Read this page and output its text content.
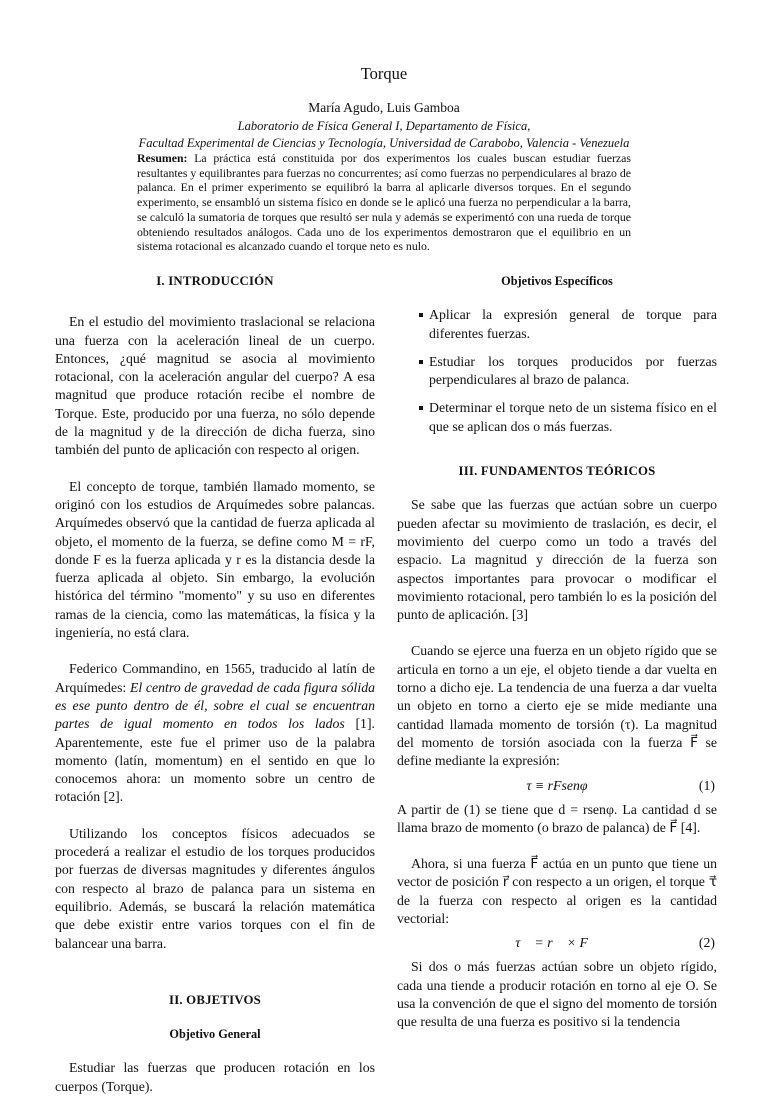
Torque
María Agudo, Luis Gamboa
Laboratorio de Física General I, Departamento de Física,
Facultad Experimental de Ciencias y Tecnología, Universidad de Carabobo, Valencia - Venezuela
Resumen: La práctica está constituida por dos experimentos los cuales buscan estudiar fuerzas resultantes y equilibrantes para fuerzas no concurrentes; así como fuerzas no perpendiculares al brazo de palanca. En el primer experimento se equilibró la barra al aplicarle diversos torques. En el segundo experimento, se ensambló un sistema físico en donde se le aplicó una fuerza no perpendicular a la barra, se calculó la sumatoria de torques que resultó ser nula y además se experimentó con una rueda de torque obteniendo resultados análogos. Cada uno de los experimentos demostraron que el equilibrio en un sistema rotacional es alcanzado cuando el torque neto es nulo.
I. INTRODUCCIÓN

En el estudio del movimiento traslacional se relaciona una fuerza con la aceleración lineal de un cuerpo. Entonces, ¿qué magnitud se asocia al movimiento rotacional, con la aceleración angular del cuerpo? A esa magnitud que produce rotación recibe el nombre de Torque. Este, producido por una fuerza, no sólo depende de la magnitud y de la dirección de dicha fuerza, sino también del punto de aplicación con respecto al origen.

El concepto de torque, también llamado momento, se originó con los estudios de Arquímedes sobre palancas. Arquímedes observó que la cantidad de fuerza aplicada al objeto, el momento de la fuerza, se define como M = rF, donde F es la fuerza aplicada y r es la distancia desde la fuerza aplicada al objeto. Sin embargo, la evolución histórica del término "momento" y su uso en diferentes ramas de la ciencia, como las matemáticas, la física y la ingeniería, no está clara.

Federico Commandino, en 1565, traducido al latín de Arquímedes: El centro de gravedad de cada figura sólida es ese punto dentro de él, sobre el cual se encuentran partes de igual momento en todos los lados [1]. Aparentemente, este fue el primer uso de la palabra momento (latín, momentum) en el sentido en que lo conocemos ahora: un momento sobre un centro de rotación [2].

Utilizando los conceptos físicos adecuados se procederá a realizar el estudio de los torques producidos por fuerzas de diversas magnitudes y diferentes ángulos con respecto al brazo de palanca para un sistema en equilibrio. Además, se buscará la relación matemática que debe existir entre varios torques con el fin de balancear una barra.

II. OBJETIVOS
Objetivo General

Estudiar las fuerzas que producen rotación en los cuerpos (Torque).

Objetivos Específicos
Aplicar la expresión general de torque para diferentes fuerzas.
Estudiar los torques producidos por fuerzas perpendiculares al brazo de palanca.
Determinar el torque neto de un sistema físico en el que se aplican dos o más fuerzas.
III. FUNDAMENTOS TEÓRICOS

Se sabe que las fuerzas que actúan sobre un cuerpo pueden afectar su movimiento de traslación, es decir, el movimiento del cuerpo como un todo a través del espacio. La magnitud y dirección de la fuerza son aspectos importantes para provocar o modificar el movimiento rotacional, pero también lo es la posición del punto de aplicación. [3]

Cuando se ejerce una fuerza en un objeto rígido que se articula en torno a un eje, el objeto tiende a dar vuelta en torno a dicho eje. La tendencia de una fuerza a dar vuelta un objeto en torno a cierto eje se mide mediante una cantidad llamada momento de torsión (τ). La magnitud del momento de torsión asociada con la fuerza F⃗ se define mediante la expresión:

τ ≡ rFsenφ	(1)

A partir de (1) se tiene que d = rsenφ. La cantidad d se llama brazo de momento (o brazo de palanca) de F⃗ [4].

Ahora, si una fuerza F⃗ actúa en un punto que tiene un vector de posición r⃗ con respecto a un origen, el torque τ⃗ de la fuerza con respecto al origen es la cantidad vectorial:

τ⃗ = r⃗ × F⃗	(2)

Si dos o más fuerzas actúan sobre un objeto rígido, cada una tiende a producir rotación en torno al eje O. Se usa la convención de que el signo del momento de torsión que resulta de una fuerza es positivo si la tendencia
